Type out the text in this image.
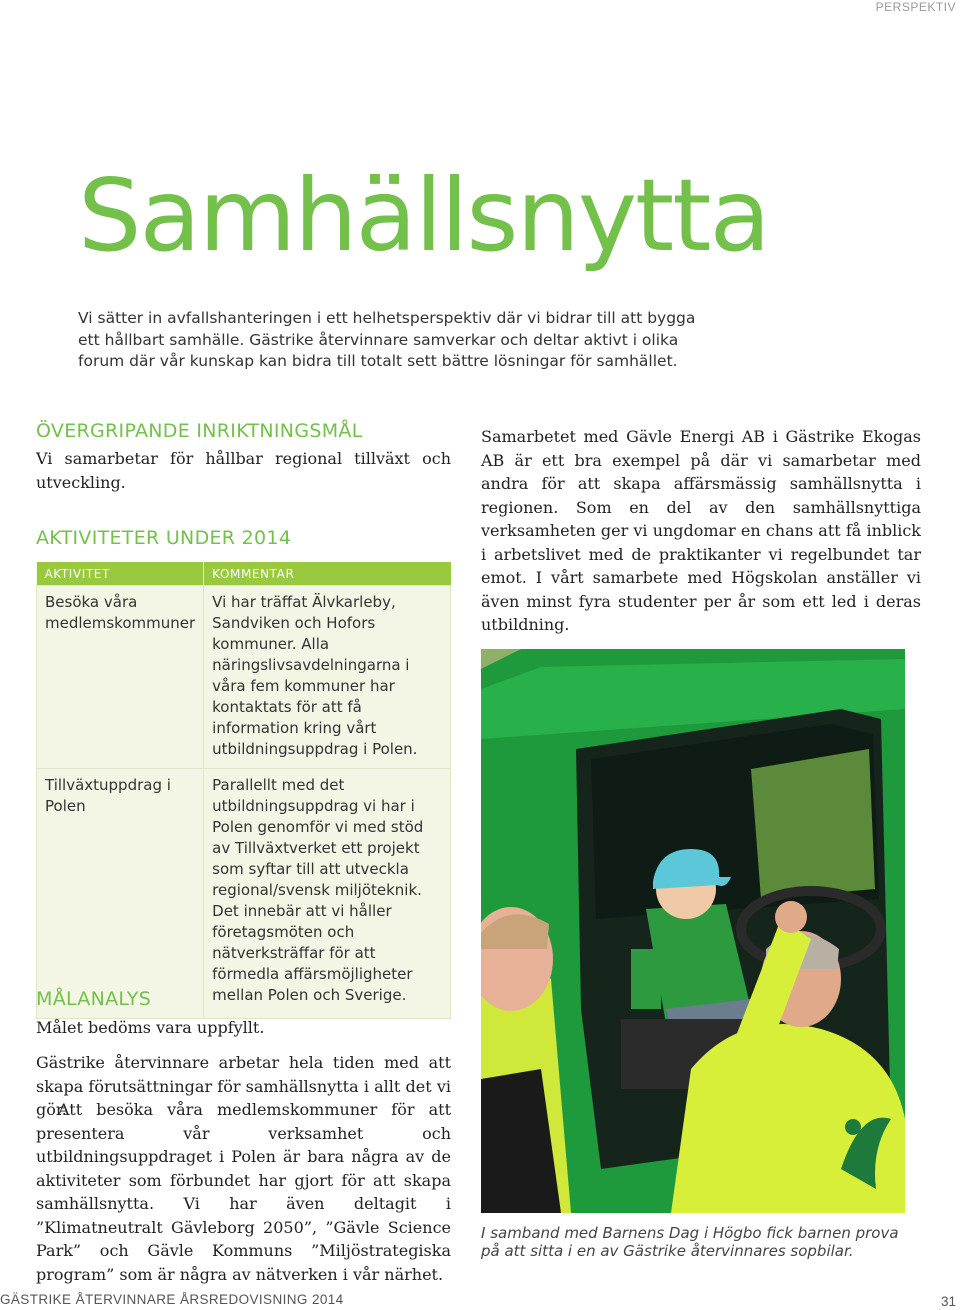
PERSPEKTIV
Samhällsnytta

Vi sätter in avfallshanteringen i ett helhetsperspektiv där vi bidrar till att bygga ett hållbart samhälle. Gästrike återvinnare samverkar och deltar aktivt i olika forum där vår kunskap kan bidra till totalt sett bättre lösningar för samhället.

ÖVERGRIPANDE INRIKTNINGSMÅL

Vi samarbetar för hållbar regional tillväxt och utveckling.

AKTIVITETER UNDER 2014
AKTIVITET	KOMMENTAR
Besöka våra medlemskommuner	Vi har träffat Älvkarleby, Sandviken och Hofors kommuner. Alla näringslivsavdelningarna i våra fem kommuner har kontaktats för att få information kring vårt utbildningsuppdrag i Polen.
Tillväxtuppdrag i Polen	Parallellt med det utbildningsuppdrag vi har i Polen genomför vi med stöd av Tillväxtverket ett projekt som syftar till att utveckla regional/svensk miljöteknik. Det innebär att vi håller företagsmöten och nätverksträffar för att förmedla affärsmöjligheter mellan Polen och Sverige.
MÅLANALYS

Målet bedöms vara uppfyllt.

Gästrike återvinnare arbetar hela tiden med att skapa förutsättningar för samhällsnytta i allt det vi gör.

Att besöka våra medlemskommuner för att presentera vår verksamhet och utbildningsuppdraget i Polen är bara några av de aktiviteter som förbundet har gjort för att skapa samhällsnytta. Vi har även deltagit i ”Klimatneutralt Gävleborg 2050”, ”Gävle Science Park” och Gävle Kommuns ”Miljöstrategiska program” som är några av nätverken i vår närhet.

Samarbetet med Gävle Energi AB i Gästrike Ekogas AB är ett bra exempel på där vi samarbetar med andra för att skapa affärsmässig samhällsnytta i regionen. Som en del av den samhällsnyttiga verksamheten ger vi ungdomar en chans att få inblick i arbetslivet med de praktikanter vi regelbundet tar emot. I vårt samarbete med Högskolan anställer vi även minst fyra studenter per år som ett led i deras utbildning.

I samband med Barnens Dag i Högbo fick barnen prova på att sitta i en av Gästrike återvinnares sopbilar.
GÄSTRIKE ÅTERVINNARE ÅRSREDOVISNING 2014	31
